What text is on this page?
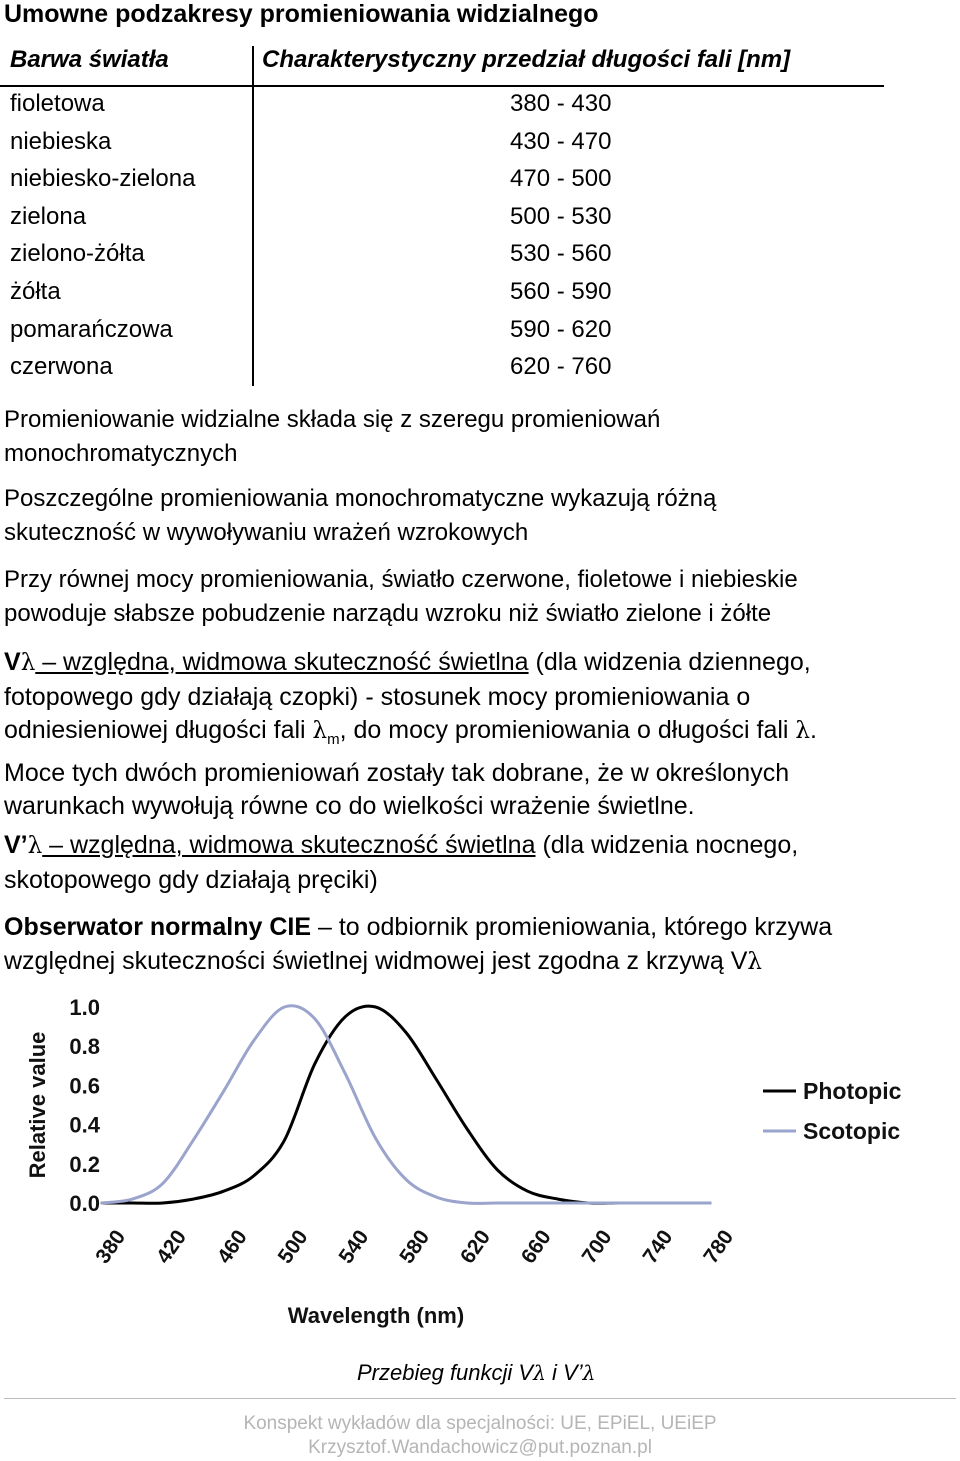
Umowne podzakresy promieniowania widzialnego
Barwa światła	Charakterystyczny przedział długości fali [nm]
fioletowa	380 - 430
niebieska	430 - 470
niebiesko-zielona	470 - 500
zielona	500 - 530
zielono-żółta	530 - 560
żółta	560 - 590
pomarańczowa	590 - 620
czerwona	620 - 760
Promieniowanie widzialne składa się z szeregu promieniowań
monochromatycznych
Poszczególne promieniowania monochromatyczne wykazują różną
skuteczność w wywoływaniu wrażeń wzrokowych
Przy równej mocy promieniowania, światło czerwone, fioletowe i niebieskie
powoduje słabsze pobudzenie narządu wzroku niż światło zielone i żółte
Vλ – względna, widmowa skuteczność świetlna (dla widzenia dziennego,
fotopowego gdy działają czopki) - stosunek mocy promieniowania o
odniesieniowej długości fali $\lambda_m$, do mocy promieniowania o długości fali λ.
Moce tych dwóch promieniowań zostały tak dobrane, że w określonych
warunkach wywołują równe co do wielkości wrażenie świetlne.
V’λ – względna, widmowa skuteczność świetlna (dla widzenia nocnego,
skotopowego gdy działają pręciki)
Obserwator normalny CIE – to odbiornik promieniowania, którego krzywa
względnej skuteczności świetlnej widmowej jest zgodna z krzywą Vλ
Relative value
0.0
0.2
0.4
0.6
0.8
1.0
380 420 460 500 540 580 620 660 700 740 780
Wavelength (nm)
Photopic
Scotopic
Przebieg funkcji Vλ i V’λ
Konspekt wykładów dla specjalności: UE, EPiEL, UEiEP
Krzysztof.Wandachowicz@put.poznan.pl
